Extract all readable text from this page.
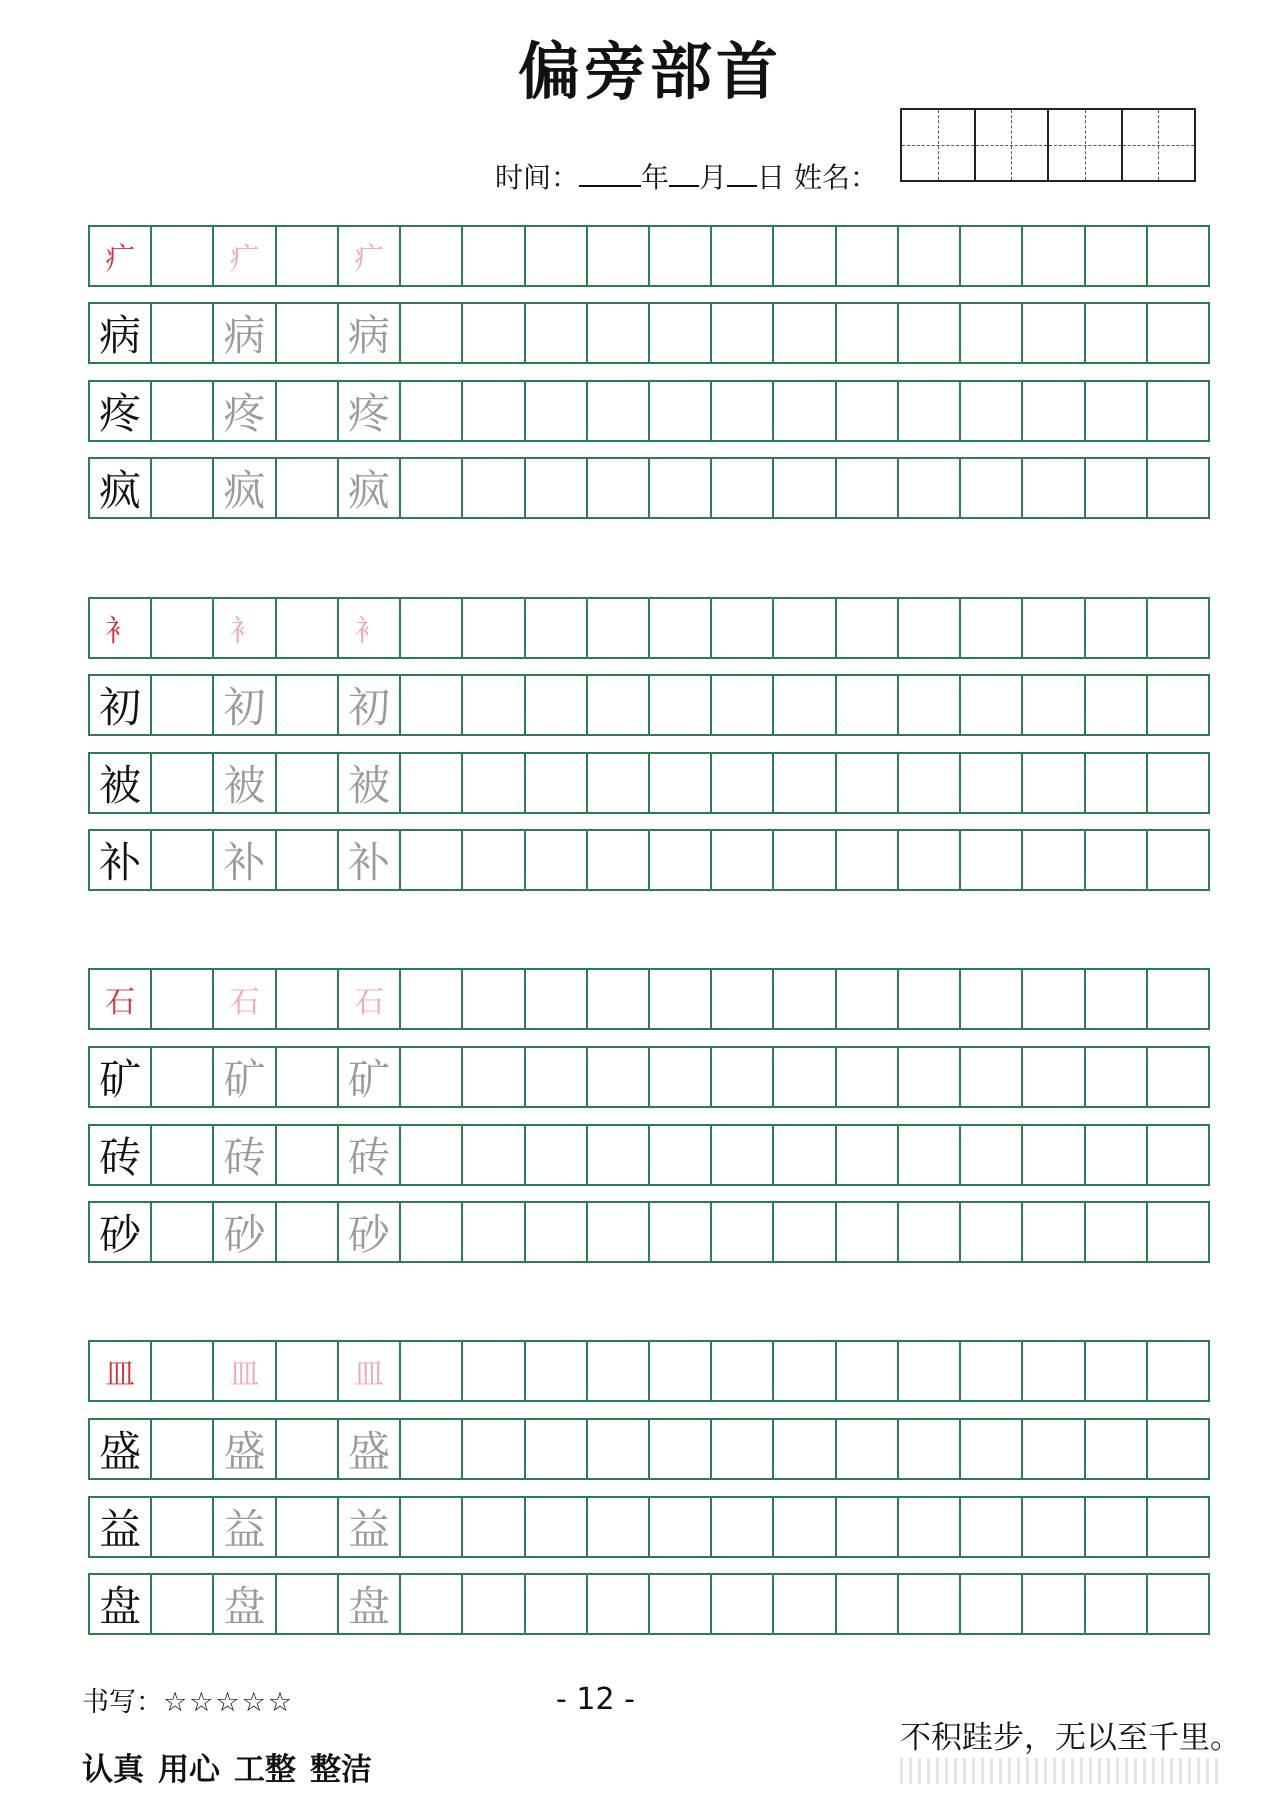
偏旁部首
时间： 年 月 日 姓名：
疒	疒	疒
病 病 病
疼 疼 疼
疯 疯 疯
衤	衤	衤
初 初 初
被 被 被
补 补 补
石	石	石
矿 矿 矿
砖 砖 砖
砂 砂 砂
皿	皿	皿
盛 盛 盛
益 益 益
盘 盘 盘
书写：☆☆☆☆☆	- 12 -
认真 用心 工整 整洁
不积跬步，无以至千里。
